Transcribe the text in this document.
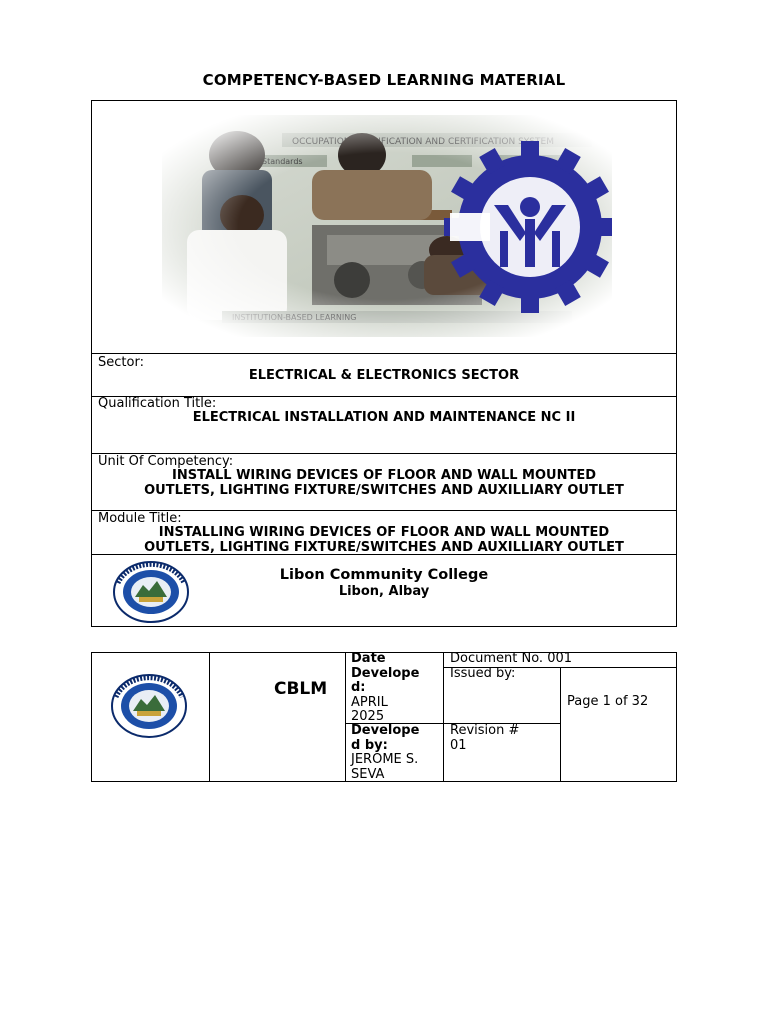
COMPETENCY-BASED LEARNING MATERIAL
Sector:
ELECTRICAL & ELECTRONICS SECTOR
Qualification Title:
ELECTRICAL INSTALLATION AND MAINTENANCE NC II
Unit Of Competency:
INSTALL WIRING DEVICES OF FLOOR AND WALL MOUNTED
OUTLETS, LIGHTING FIXTURE/SWITCHES AND AUXILLIARY OUTLET
Module Title:
INSTALLING WIRING DEVICES OF FLOOR AND WALL MOUNTED
OUTLETS, LIGHTING FIXTURE/SWITCHES AND AUXILLIARY OUTLET
Libon Community College
Libon, Albay
CBLM
Date
Develope
d:
APRIL
2025
Develope
d by:
JEROME S.
SEVA
Document No. 001
Issued by:
Revision #
01
Page 1 of 32
